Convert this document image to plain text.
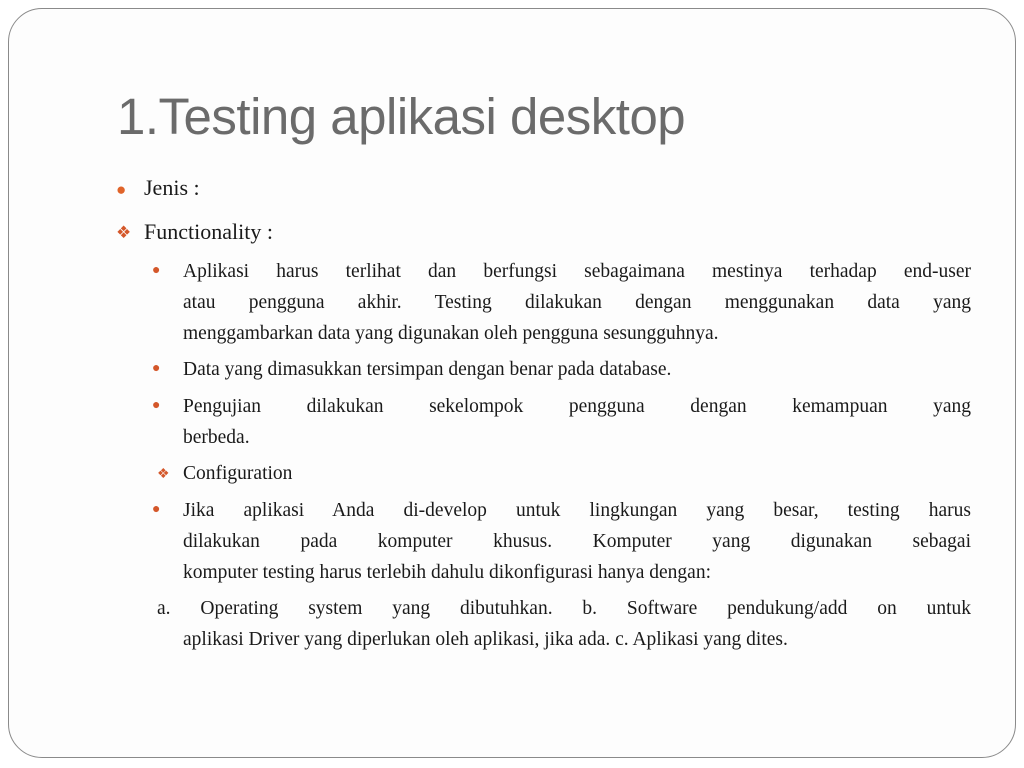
1.Testing aplikasi desktop
● Jenis :
❖ Functionality :
● Aplikasi harus terlihat dan berfungsi sebagaimana mestinya terhadap end-user
atau pengguna akhir. Testing dilakukan dengan menggunakan data yang
menggambarkan data yang digunakan oleh pengguna sesungguhnya.
● Data yang dimasukkan tersimpan dengan benar pada database.
● Pengujian dilakukan sekelompok pengguna dengan kemampuan yang
berbeda.
❖ Configuration
● Jika aplikasi Anda di-develop untuk lingkungan yang besar, testing harus
dilakukan pada komputer khusus. Komputer yang digunakan sebagai
komputer testing harus terlebih dahulu dikonfigurasi hanya dengan:
a. Operating system yang dibutuhkan. b. Software pendukung/add on untuk
aplikasi Driver yang diperlukan oleh aplikasi, jika ada. c. Aplikasi yang dites.
